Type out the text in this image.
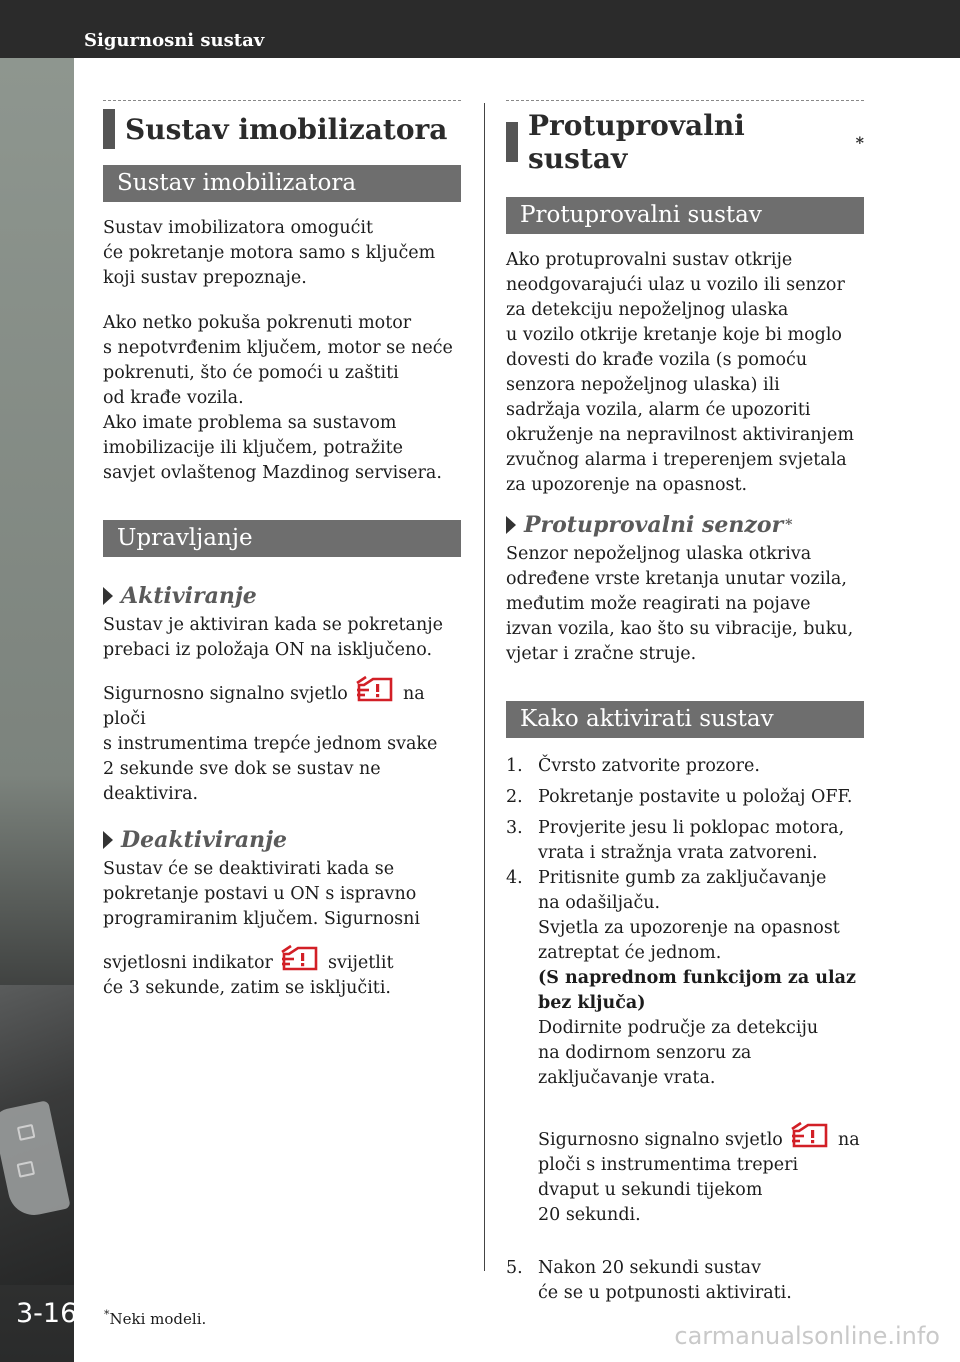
Sigurnosni sustav
3-16
Sustav imobilizatora
Sustav imobilizatora

Sustav imobilizatora omogućit
će pokretanje motora samo s ključem
koji sustav prepoznaje.

Ako netko pokuša pokrenuti motor
s nepotvrđenim ključem, motor se neće
pokrenuti, što će pomoći u zaštiti
od krađe vozila.
Ako imate problema sa sustavom
imobilizacije ili ključem, potražite
savjet ovlaštenog Mazdinog servisera.

Upravljanje
Aktiviranje

Sustav je aktiviran kada se pokretanje
prebaci iz položaja ON na isključeno.

Sigurnosno signalno svjetlo	na ploči
s instrumentima trepće jednom svake
2 sekunde sve dok se sustav ne
deaktivira.

Deaktiviranje

Sustav će se deaktivirati kada se
pokretanje postavi u ON s ispravno
programiranim ključem. Sigurnosni

svjetlosni indikator	svijetlit
će 3 sekunde, zatim se isključiti.

Protuprovalni sustav	*
Protuprovalni sustav

Ako protuprovalni sustav otkrije
neodgovarajući ulaz u vozilo ili senzor
za detekciju nepoželjnog ulaska
u vozilo otkrije kretanje koje bi moglo
dovesti do krađe vozila (s pomoću
senzora nepoželjnog ulaska) ili
sadržaja vozila, alarm će upozoriti
okruženje na nepravilnost aktiviranjem
zvučnog alarma i treperenjem svjetala
za upozorenje na opasnost.

Protuprovalni senzor *

Senzor nepoželjnog ulaska otkriva
određene vrste kretanja unutar vozila,
međutim može reagirati na pojave
izvan vozila, kao što su vibracije, buku,
vjetar i zračne struje.

Kako aktivirati sustav
1. Čvrsto zatvorite prozore.
2. Pokretanje postavite u položaj OFF.
3. Provjerite jesu li poklopac motora,
vrata i stražnja vrata zatvoreni.
4. Pritisnite gumb za zaključavanje
na odašiljaču.
Svjetla za upozorenje na opasnost
zatreptat će jednom.
(S naprednom funkcijom za ulaz
bez ključa)
Dodirnite područje za detekciju
na dodirnom senzoru za
zaključavanje vrata.
Sigurnosno signalno svjetlo	na
ploči s instrumentima treperi
dvaput u sekundi tijekom
20 sekundi.
5. Nakon 20 sekundi sustav
će se u potpunosti aktivirati.
*Neki modeli.
carmanualsonline.info
